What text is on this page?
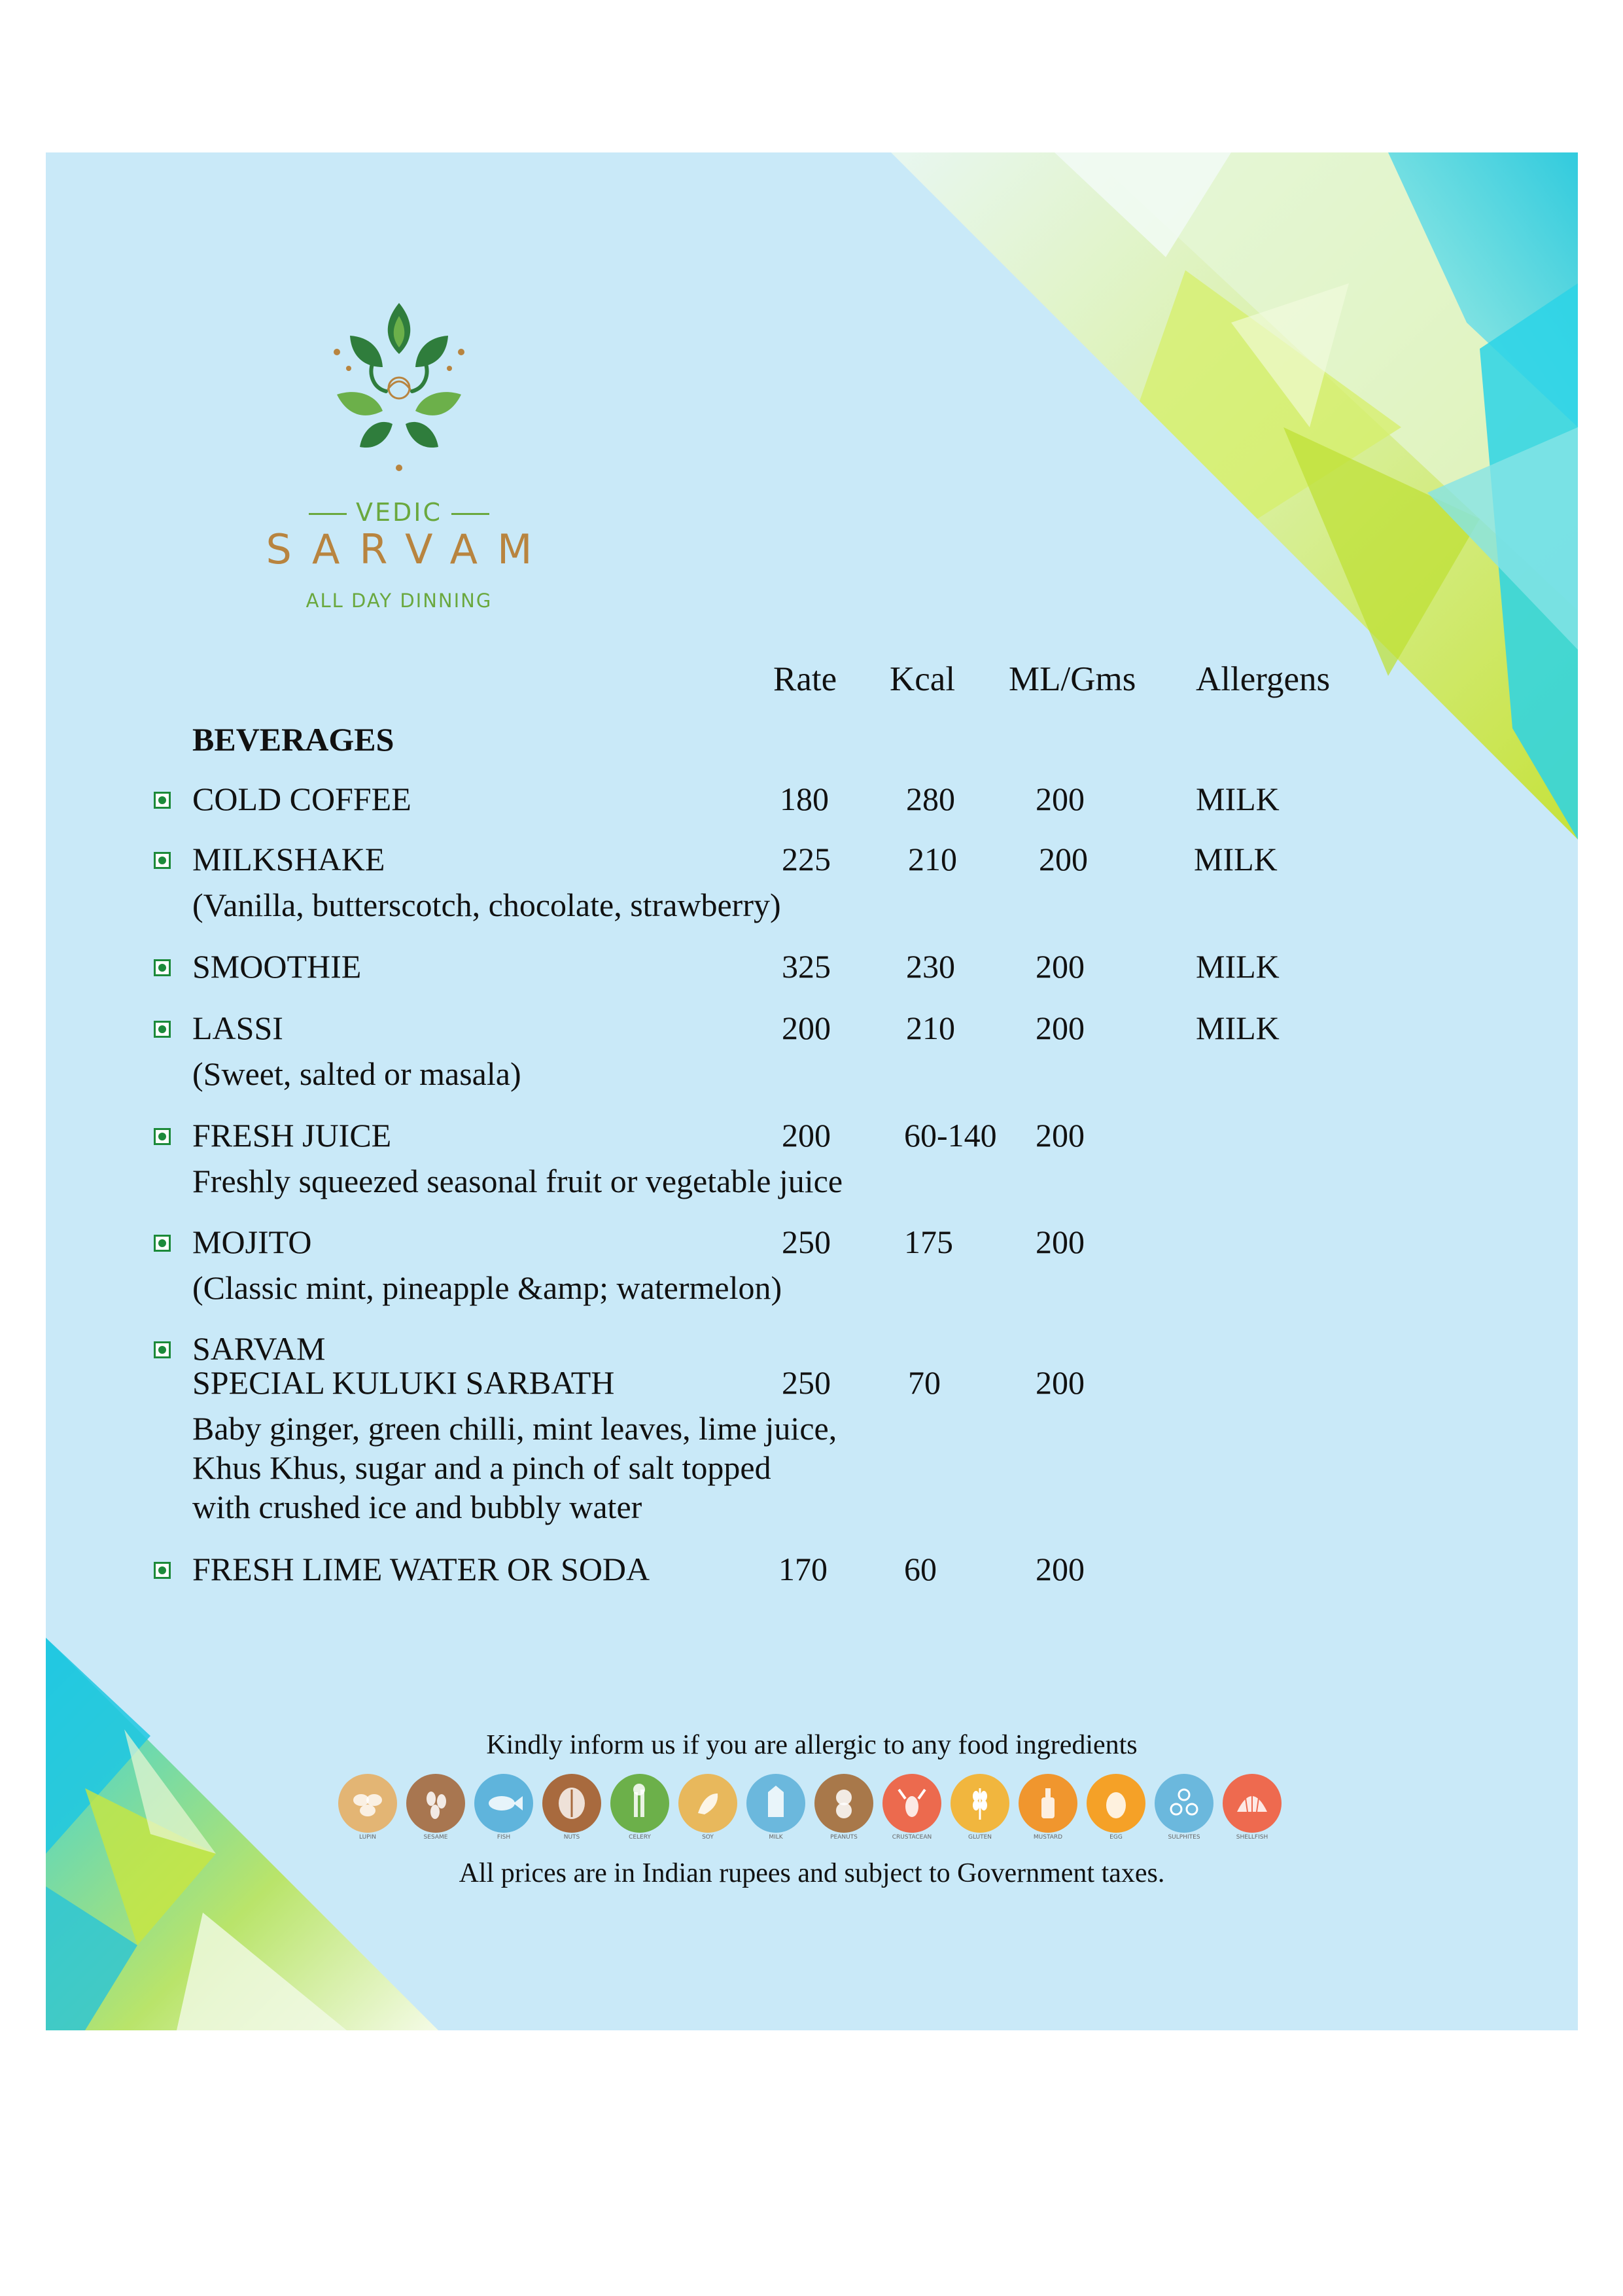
VEDIC
SARVAM
ALL DAY DINNING
Rate Kcal ML/Gms Allergens
BEVERAGES
COLD COFFEE	180 280 200	MILK
MILKSHAKE	225 210	200	MILK
(Vanilla, butterscotch, chocolate, strawberry)
SMOOTHIE	325 230 200	MILK
LASSI	200 210 200	MILK
(Sweet, salted or masala)
FRESH JUICE	200 60-140 200
Freshly squeezed seasonal fruit or vegetable juice
MOJITO	250 175	200
(Classic mint, pineapple &amp; watermelon)
SARVAM
SPECIAL KULUKI SARBATH	250 70	200
Baby ginger, green chilli, mint leaves, lime juice,
Khus Khus, sugar and a pinch of salt topped
with crushed ice and bubbly water
FRESH LIME WATER OR SODA	170 60	200
Kindly inform us if you are allergic to any food ingredients
LUPIN	SESAME	FISH	NUTS	CELERY	SOY	MILK	PEANUTS	CRUSTACEAN	GLUTEN	MUSTARD	EGG	SULPHITES	SHELLFISH
All prices are in Indian rupees and subject to Government taxes.
